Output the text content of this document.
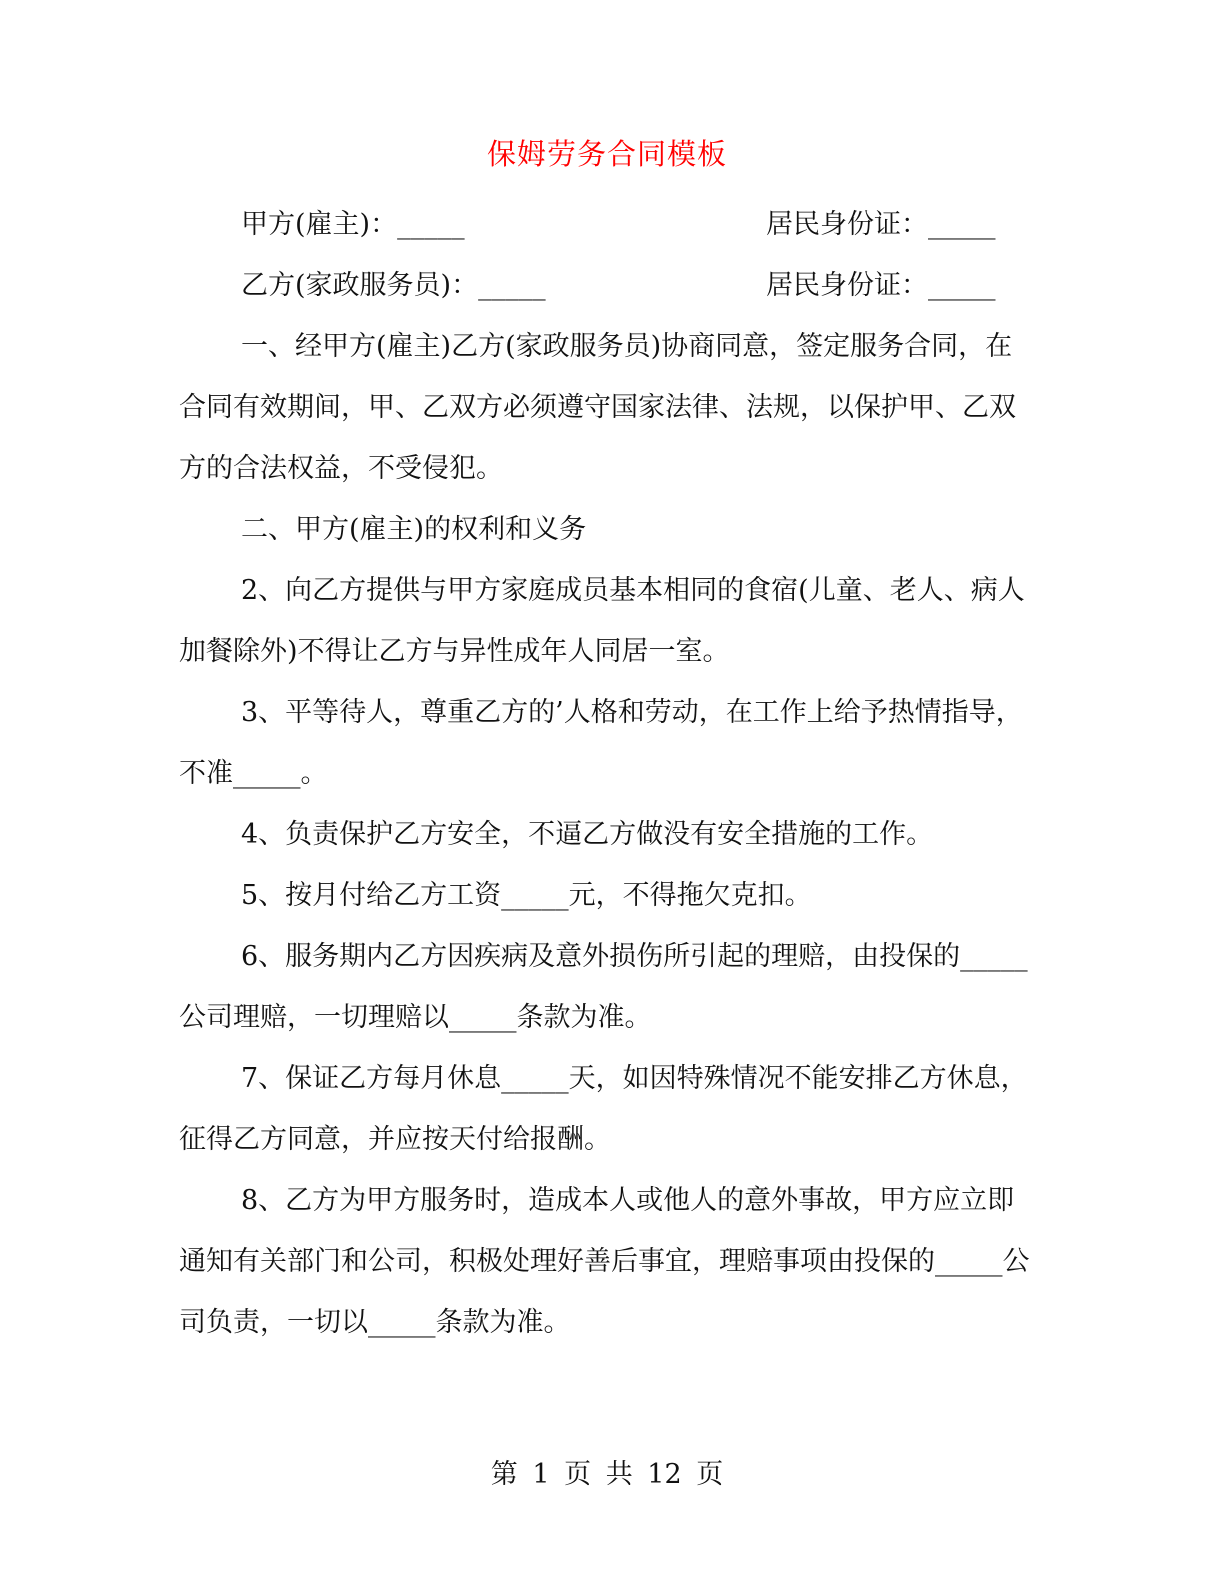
保姆劳务合同模板
甲方(雇主)：_____	居民身份证：_____
乙方(家政服务员)：_____	居民身份证：_____

一、经甲方(雇主)乙方(家政服务员)协商同意，签定服务合同，在合同有效期间，甲、乙双方必须遵守国家法律、法规，以保护甲、乙双方的合法权益，不受侵犯。

二、甲方(雇主)的权利和义务

2、向乙方提供与甲方家庭成员基本相同的食宿(儿童、老人、病人加餐除外)不得让乙方与异性成年人同居一室。

3、平等待人，尊重乙方的’人格和劳动，在工作上给予热情指导，不准_____。

4、负责保护乙方安全，不逼乙方做没有安全措施的工作。

5、按月付给乙方工资_____元，不得拖欠克扣。

6、服务期内乙方因疾病及意外损伤所引起的理赔，由投保的_____公司理赔，一切理赔以_____条款为准。

7、保证乙方每月休息_____天，如因特殊情况不能安排乙方休息，征得乙方同意，并应按天付给报酬。

8、乙方为甲方服务时，造成本人或他人的意外事故，甲方应立即通知有关部门和公司，积极处理好善后事宜，理赔事项由投保的_____公司负责，一切以_____条款为准。

第 1 页 共 12 页
